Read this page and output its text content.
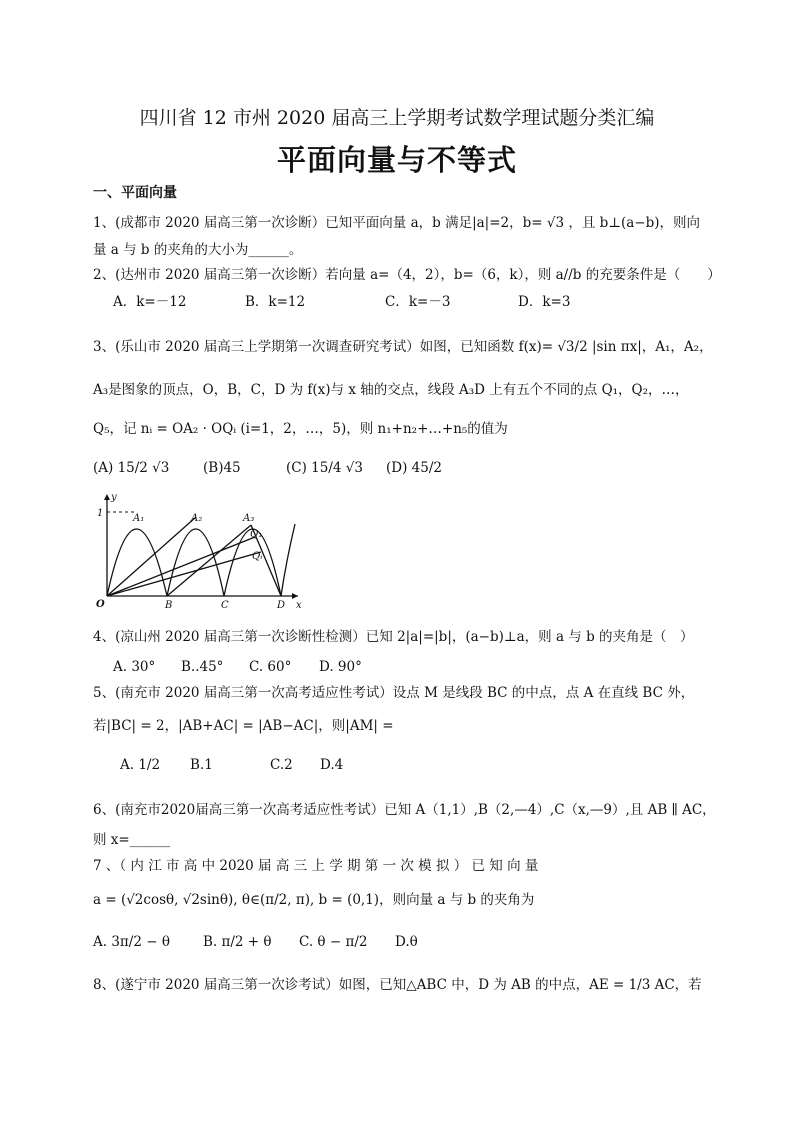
四川省 12 市州 2020 届高三上学期考试数学理试题分类汇编
平面向量与不等式
一、平面向量
1、(成都市 2020 届高三第一次诊断）已知平面向量 a，b 满足|a|=2，b= √3 ，且 b⊥(a−b)，则向
量 a 与 b 的夹角的大小为______。
2、(达州市 2020 届高三第一次诊断）若向量 a=（4，2），b=（6，k），则 a//b 的充要条件是（　　）
A．k=－12	B．k=12	C．k=－3	D．k=3
3、(乐山市 2020 届高三上学期第一次调查研究考试）如图，已知函数 f(x)= √3/2 |sin πx|，A₁，A₂，
A₃是图象的顶点，O，B，C，D 为 f(x)与 x 轴的交点，线段 A₃D 上有五个不同的点 Q₁，Q₂，…，
Q₅，记 nᵢ = OA₂ · OQᵢ (i=1，2，…，5)，则 n₁+n₂+…+n₅的值为
(A) 15/2 √3	(B)45	(C) 15/4 √3	(D) 45/2
y
1	A₁	A₂	A₃
Q₁
Qᵢ
O	B	C	D x
4、(凉山州 2020 届高三第一次诊断性检测）已知 2|a|=|b|，(a−b)⊥a，则 a 与 b 的夹角是（　）
A. 30°	B..45°	C. 60°	D. 90°
5、(南充市 2020 届高三第一次高考适应性考试）设点 M 是线段 BC 的中点，点 A 在直线 BC 外，
若|BC| = 2，|AB+AC| = |AB−AC|，则|AM| =
A. 1/2	B.1	C.2	D.4
6、(南充市2020届高三第一次高考适应性考试）已知 A（1,1）,B（2,—4）,C（x,—9）,且 AB ∥ AC，
则 x=______
7 、（ 内 江 市 高 中 2020 届 高 三 上 学 期 第 一 次 模 拟 ） 已 知 向 量
a = (√2cosθ, √2sinθ), θ∈(π/2, π), b = (0,1)，则向量 a 与 b 的夹角为
A. 3π/2 − θ	B. π/2 + θ	C. θ − π/2	D.θ
8、(遂宁市 2020 届高三第一次诊考试）如图，已知△ABC 中，D 为 AB 的中点，AE = 1/3 AC，若
